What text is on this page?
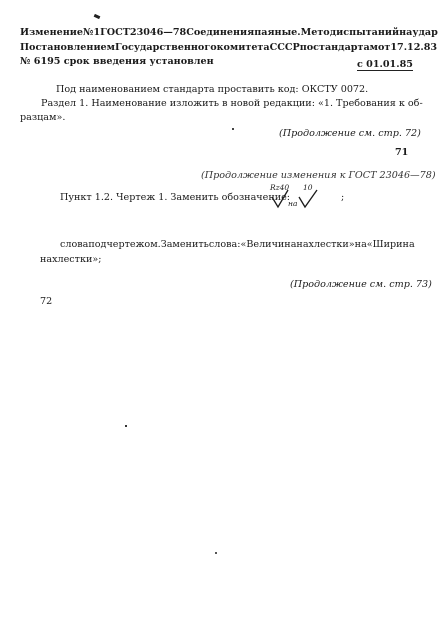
Изменение № 1 ГОСТ 23046—78 Соединения паяные. Метод испытаний на удар
Постановлением Государственного комитета СССР по стандартам от 17.12.83
№ 6195 срок введения установлен	с 01.01.85
Под наименованием стандарта проставить код: ОКСТУ 0072.
Раздел 1. Наименование изложить в новой редакции: «1. Требования к об-
разцам».
(Продолжение см. стр. 72)
71
(Продолжение изменения к ГОСТ 23046—78)
Пункт 1.2. Чертеж 1. Заменить обозначение:
Rz40
на
10
;
слова под чертежом. Заменить слова: «Величина нахлестки» на «Ширина
нахлестки»;
(Продолжение см. стр. 73)
72
